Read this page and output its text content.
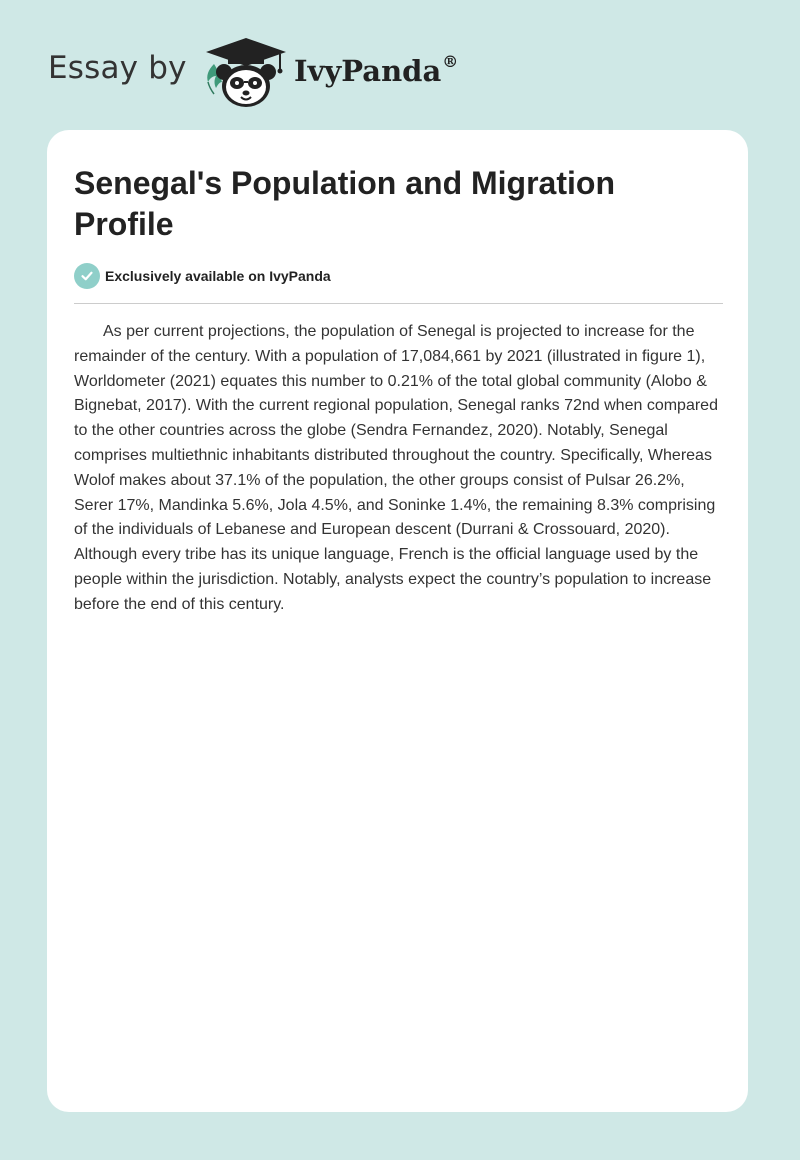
Essay by	IvyPanda®
Senegal's Population and Migration Profile
Exclusively available on IvyPanda

As per current projections, the population of Senegal is projected to increase for the remainder of the century. With a population of 17,084,661 by 2021 (illustrated in figure 1), Worldometer (2021) equates this number to 0.21% of the total global community (Alobo & Bignebat, 2017). With the current regional population, Senegal ranks 72nd when compared to the other countries across the globe (Sendra Fernandez, 2020). Notably, Senegal comprises multiethnic inhabitants distributed throughout the country. Specifically, Whereas Wolof makes about 37.1% of the population, the other groups consist of Pulsar 26.2%, Serer 17%, Mandinka 5.6%, Jola 4.5%, and Soninke 1.4%, the remaining 8.3% comprising of the individuals of Lebanese and European descent (Durrani & Crossouard, 2020). Although every tribe has its unique language, French is the official language used by the people within the jurisdiction. Notably, analysts expect the country’s population to increase before the end of this century.
